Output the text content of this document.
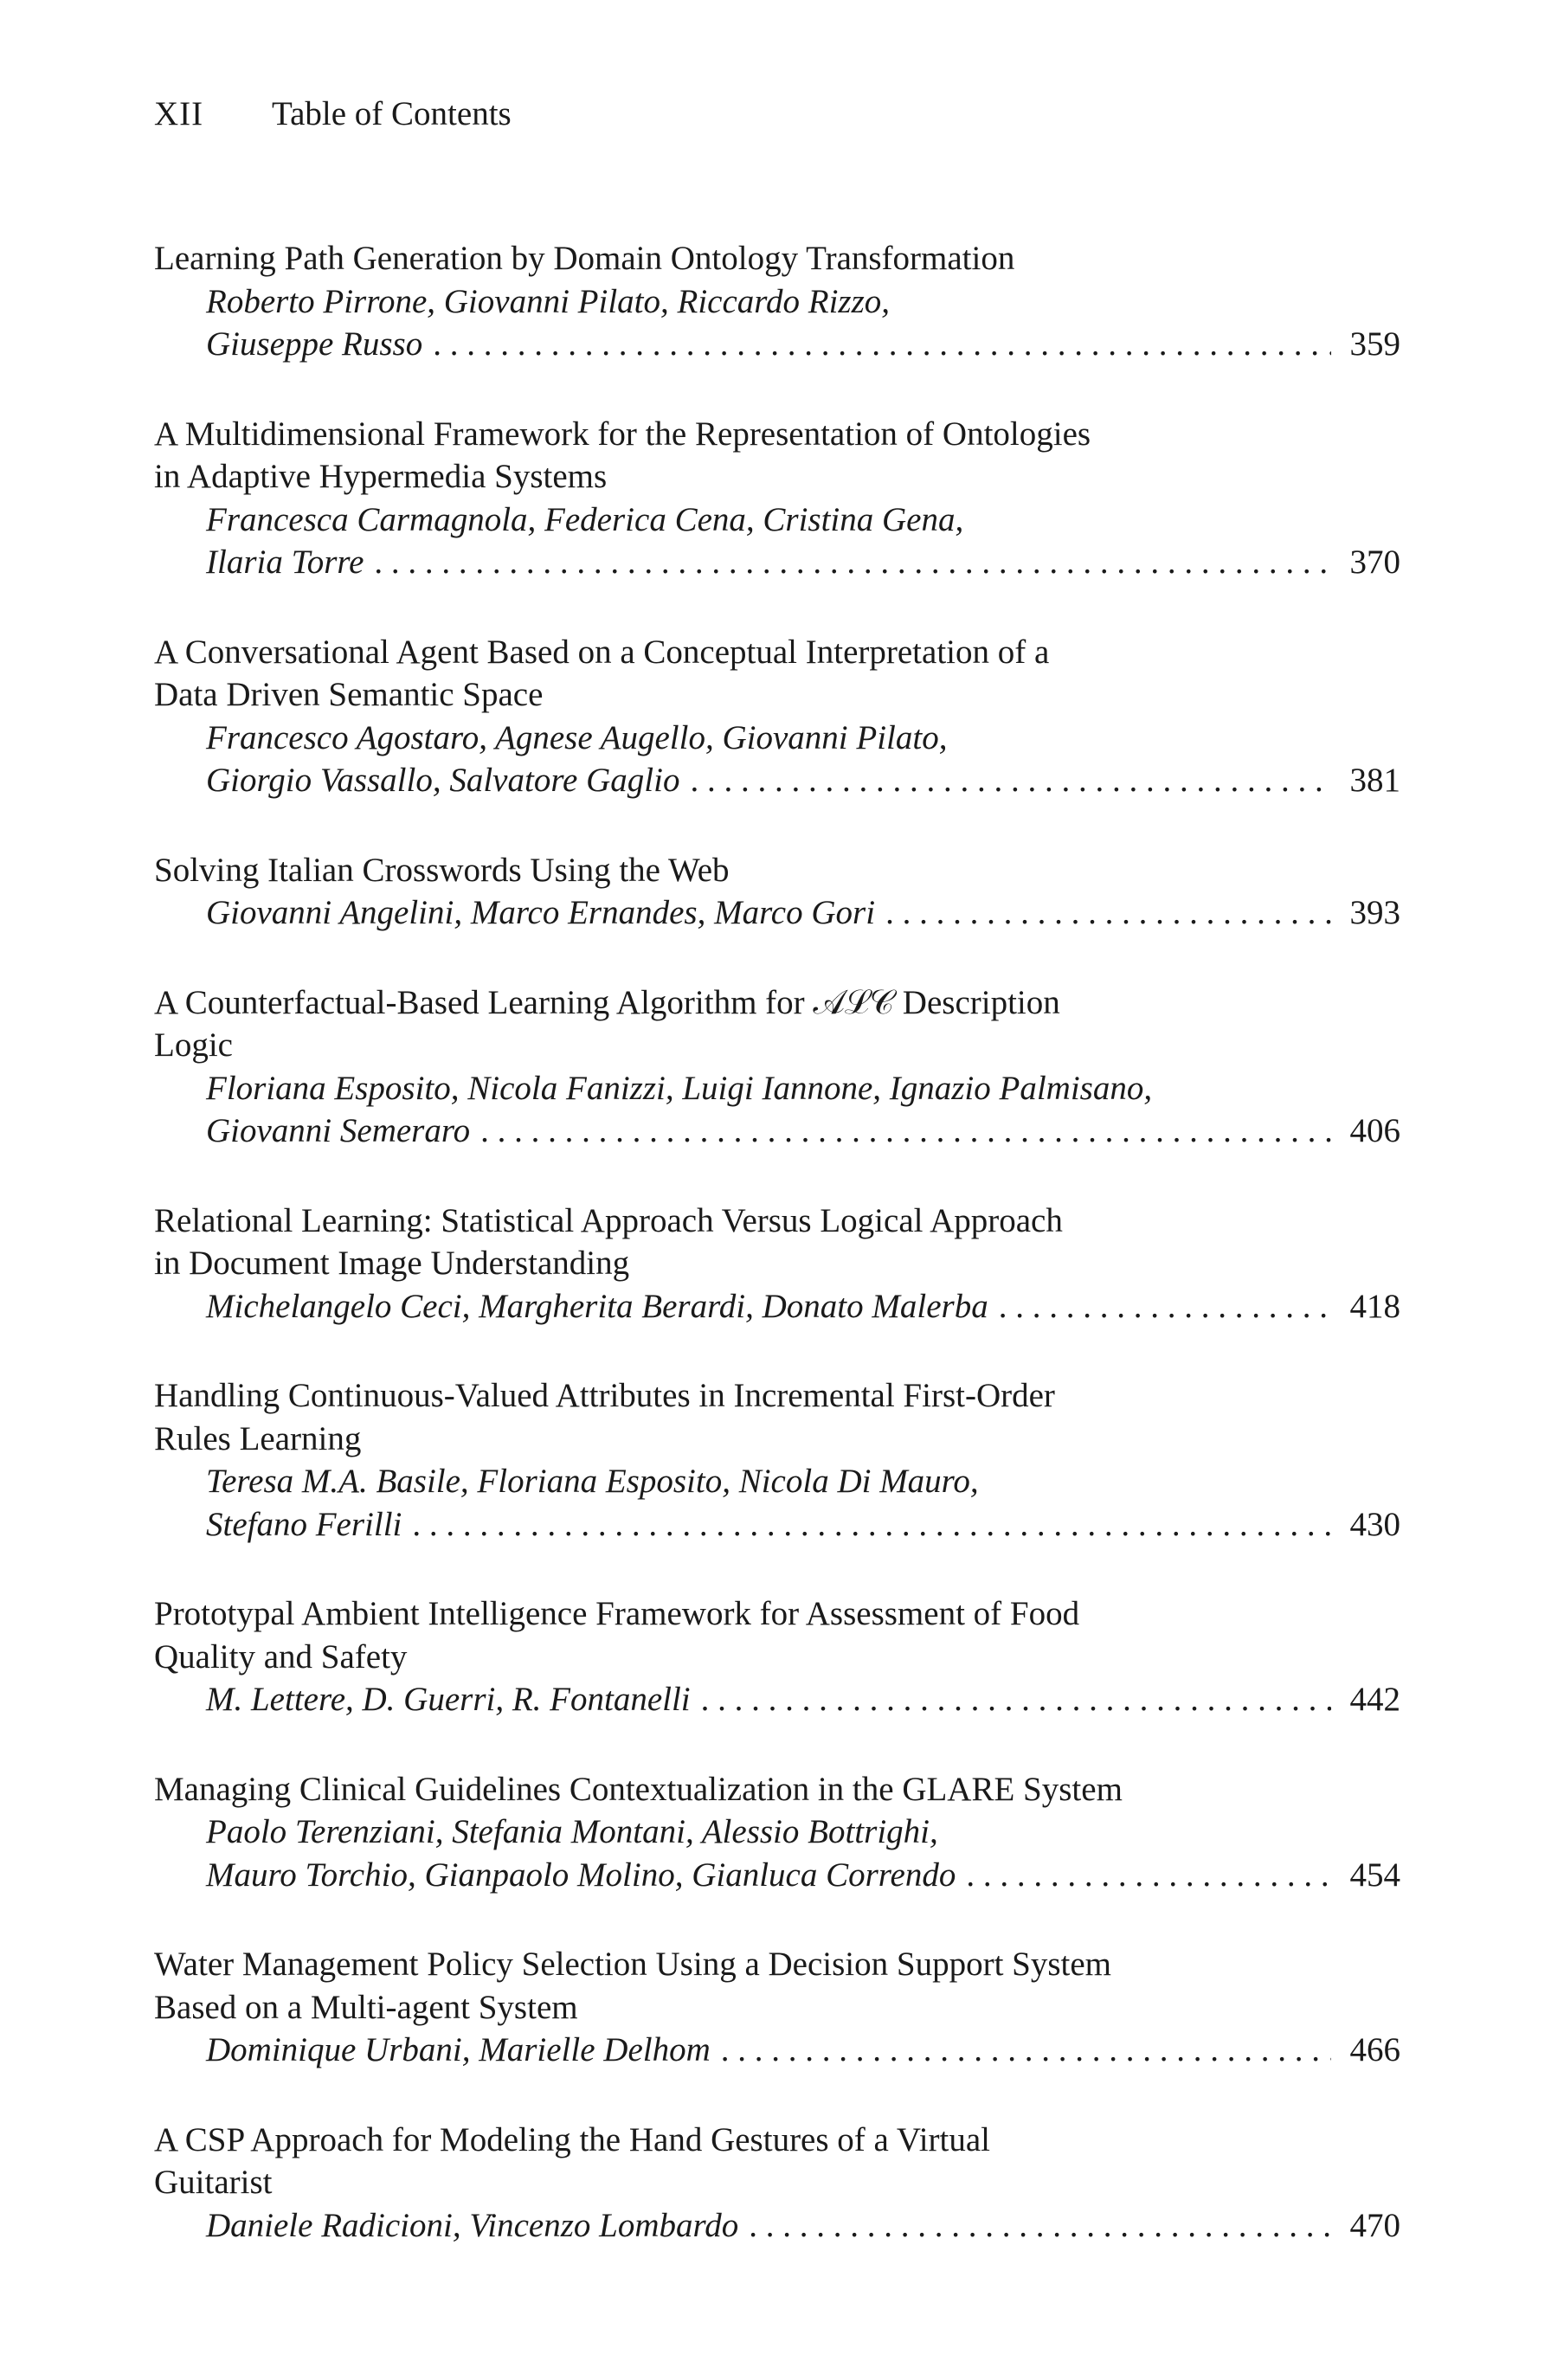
XII	Table of Contents
Learning Path Generation by Domain Ontology Transformation
Roberto Pirrone, Giovanni Pilato, Riccardo Rizzo,
Giuseppe Russo . . .	359
A Multidimensional Framework for the Representation of Ontologies
in Adaptive Hypermedia Systems
Francesca Carmagnola, Federica Cena, Cristina Gena,
Ilaria Torre . . .	370
A Conversational Agent Based on a Conceptual Interpretation of a
Data Driven Semantic Space
Francesco Agostaro, Agnese Augello, Giovanni Pilato,
Giorgio Vassallo, Salvatore Gaglio . . .	381
Solving Italian Crosswords Using the Web
Giovanni Angelini, Marco Ernandes, Marco Gori . . .	393
A Counterfactual-Based Learning Algorithm for 𝒜ℒ𝒞 Description
Logic
Floriana Esposito, Nicola Fanizzi, Luigi Iannone, Ignazio Palmisano,
Giovanni Semeraro . . .	406
Relational Learning: Statistical Approach Versus Logical Approach
in Document Image Understanding
Michelangelo Ceci, Margherita Berardi, Donato Malerba . . .	418
Handling Continuous-Valued Attributes in Incremental First-Order
Rules Learning
Teresa M.A. Basile, Floriana Esposito, Nicola Di Mauro,
Stefano Ferilli . . .	430
Prototypal Ambient Intelligence Framework for Assessment of Food
Quality and Safety
M. Lettere, D. Guerri, R. Fontanelli . . .	442
Managing Clinical Guidelines Contextualization in the GLARE System
Paolo Terenziani, Stefania Montani, Alessio Bottrighi,
Mauro Torchio, Gianpaolo Molino, Gianluca Correndo . . .	454
Water Management Policy Selection Using a Decision Support System
Based on a Multi-agent System
Dominique Urbani, Marielle Delhom . . .	466
A CSP Approach for Modeling the Hand Gestures of a Virtual
Guitarist
Daniele Radicioni, Vincenzo Lombardo . . .	470
